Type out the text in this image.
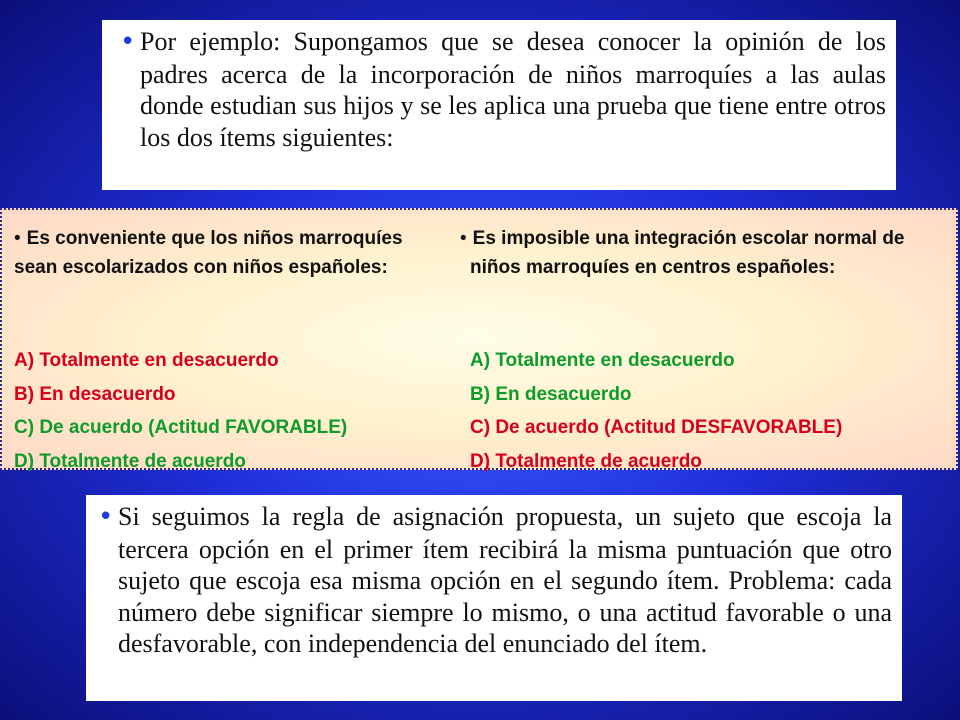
• Por ejemplo: Supongamos que se desea conocer la opinión de los padres acerca de la incorporación de niños marroquíes a las aulas donde estudian sus hijos y se les aplica una prueba que tiene entre otros los dos ítems siguientes:

• Es conveniente que los niños marroquíes sean escolarizados con niños españoles:

A) Totalmente en desacuerdo
B) En desacuerdo
C) De acuerdo (Actitud FAVORABLE)
D) Totalmente de acuerdo

• Es imposible una integración escolar normal de niños marroquíes en centros españoles:

A) Totalmente en desacuerdo
B) En desacuerdo
C) De acuerdo (Actitud DESFAVORABLE)
D) Totalmente de acuerdo

• Si seguimos la regla de asignación propuesta, un sujeto que escoja la tercera opción en el primer ítem recibirá la misma puntuación que otro sujeto que escoja esa misma opción en el segundo ítem. Problema: cada número debe significar siempre lo mismo, o una actitud favorable o una desfavorable, con independencia del enunciado del ítem.
